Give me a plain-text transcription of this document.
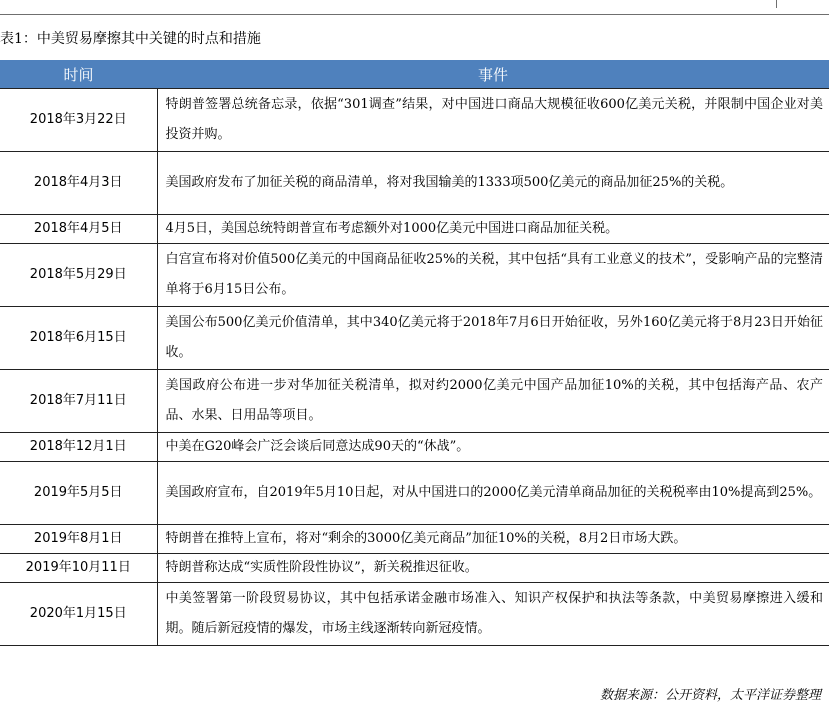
表1：中美贸易摩擦其中关键的时点和措施
时间	事件
2018年3月22日	特朗普签署总统备忘录，依据“301调查”结果，对中国进口商品大规模征收600亿美元关税，并限制中国企业对美投资并购。
2018年4月3日	美国政府发布了加征关税的商品清单，将对我国输美的1333项500亿美元的商品加征25%的关税。
2018年4月5日	4月5日，美国总统特朗普宣布考虑额外对1000亿美元中国进口商品加征关税。
2018年5月29日	白宫宣布将对价值500亿美元的中国商品征收25%的关税，其中包括“具有工业意义的技术”，受影响产品的完整清单将于6月15日公布。
2018年6月15日	美国公布500亿美元价值清单，其中340亿美元将于2018年7月6日开始征收，另外160亿美元将于8月23日开始征收。
2018年7月11日	美国政府公布进一步对华加征关税清单，拟对约2000亿美元中国产品加征10%的关税，其中包括海产品、农产品、水果、日用品等项目。
2018年12月1日	中美在G20峰会广泛会谈后同意达成90天的“休战”。
2019年5月5日	美国政府宣布，自2019年5月10日起，对从中国进口的2000亿美元清单商品加征的关税税率由10%提高到25%。
2019年8月1日	特朗普在推特上宣布，将对“剩余的3000亿美元商品”加征10%的关税，8月2日市场大跌。
2019年10月11日	特朗普称达成“实质性阶段性协议”，新关税推迟征收。
2020年1月15日	中美签署第一阶段贸易协议，其中包括承诺金融市场准入、知识产权保护和执法等条款，中美贸易摩擦进入缓和期。随后新冠疫情的爆发，市场主线逐渐转向新冠疫情。
数据来源：公开资料，太平洋证券整理
